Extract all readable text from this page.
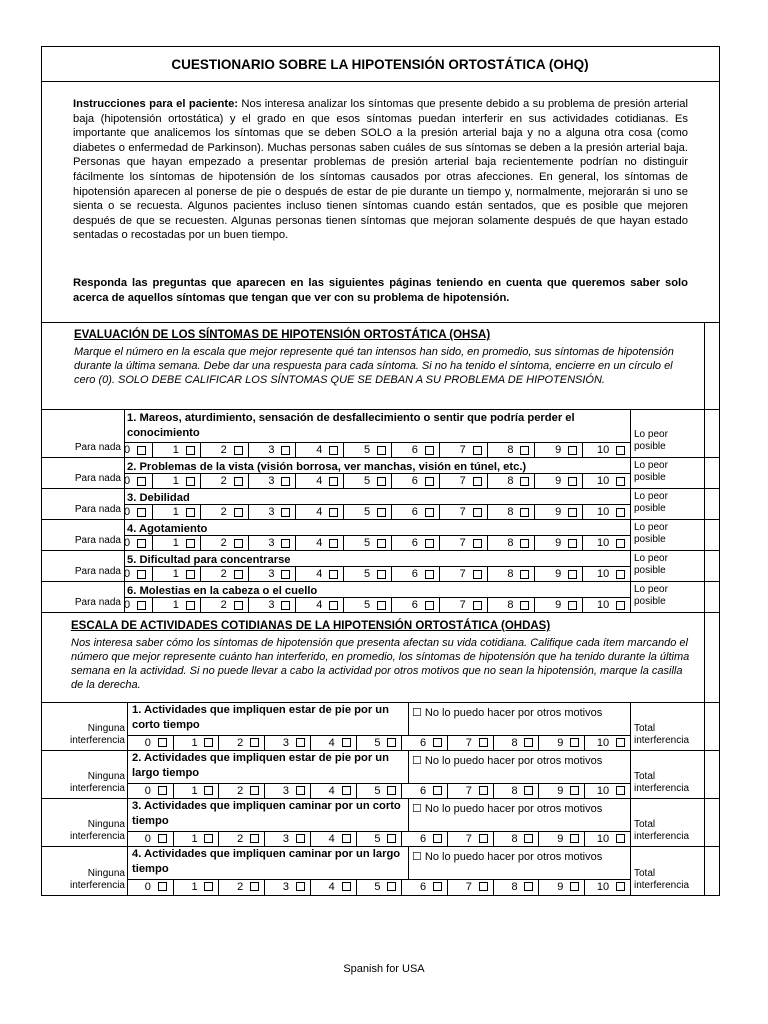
CUESTIONARIO SOBRE LA HIPOTENSIÓN ORTOSTÁTICA (OHQ)
Instrucciones para el paciente: Nos interesa analizar los síntomas que presente debido a su problema de presión arterial baja (hipotensión ortostática) y el grado en que esos síntomas puedan interferir en sus actividades cotidianas. Es importante que analicemos los síntomas que se deben SOLO a la presión arterial baja y no a alguna otra cosa (como diabetes o enfermedad de Parkinson). Muchas personas saben cuáles de sus síntomas se deben a la presión arterial baja. Personas que hayan empezado a presentar problemas de presión arterial baja recientemente podrían no distinguir fácilmente los síntomas de hipotensión de los síntomas causados por otras afecciones. En general, los síntomas de hipotensión aparecen al ponerse de pie o después de estar de pie durante un tiempo y, normalmente, mejorarán si uno se sienta o se recuesta. Algunos pacientes incluso tienen síntomas cuando están sentados, que es posible que mejoren después de que se recuesten. Algunas personas tienen síntomas que mejoran solamente después de que hayan estado sentadas o recostadas por un buen tiempo.
Responda las preguntas que aparecen en las siguientes páginas teniendo en cuenta que queremos saber solo acerca de aquellos síntomas que tengan que ver con su problema de hipotensión.
EVALUACIÓN DE LOS SÍNTOMAS DE HIPOTENSIÓN ORTOSTÁTICA (OHSA)
Marque el número en la escala que mejor represente qué tan intensos han sido, en promedio, sus síntomas de hipotensión durante la última semana. Debe dar una respuesta para cada síntoma. Si no ha tenido el síntoma, encierre en un círculo el cero (0). SOLO DEBE CALIFICAR LOS SÍNTOMAS QUE SE DEBAN A SU PROBLEMA DE HIPOTENSIÓN.
1. Mareos, aturdimiento, sensación de desfallecimiento o sentir que podría perder el conocimiento
0	1	2	3	4	5	6	7	8	9	10
Para nada
Lo peor posible
2. Problemas de la vista (visión borrosa, ver manchas, visión en túnel, etc.)
0	1	2	3	4	5	6	7	8	9	10
Para nada
Lo peor posible
3. Debilidad
0	1	2	3	4	5	6	7	8	9	10
Para nada
Lo peor posible
4. Agotamiento
0	1	2	3	4	5	6	7	8	9	10
Para nada
Lo peor posible
5. Dificultad para concentrarse
0	1	2	3	4	5	6	7	8	9	10
Para nada
Lo peor posible
6. Molestias en la cabeza o el cuello
0	1	2	3	4	5	6	7	8	9	10
Para nada
Lo peor posible
ESCALA DE ACTIVIDADES COTIDIANAS DE LA HIPOTENSIÓN ORTOSTÁTICA (OHDAS)
Nos interesa saber cómo los síntomas de hipotensión que presenta afectan su vida cotidiana. Califique cada ítem marcando el número que mejor represente cuánto han interferido, en promedio, los síntomas de hipotensión que ha tenido durante la última semana en la actividad. Si no puede llevar a cabo la actividad por otros motivos que no sean la hipotensión, marque la casilla de la derecha.
1. Actividades que impliquen estar de pie por un corto tiempo
☐ No lo puedo hacer por otros motivos
0	1	2	3	4	5	6	7	8	9	10
Ninguna interferencia
Total interferencia
2. Actividades que impliquen estar de pie por un largo tiempo
☐ No lo puedo hacer por otros motivos
0	1	2	3	4	5	6	7	8	9	10
Ninguna interferencia
Total interferencia
3. Actividades que impliquen caminar por un corto tiempo
☐ No lo puedo hacer por otros motivos
0	1	2	3	4	5	6	7	8	9	10
Ninguna interferencia
Total interferencia
4. Actividades que impliquen caminar por un largo tiempo
☐ No lo puedo hacer por otros motivos
0	1	2	3	4	5	6	7	8	9	10
Ninguna interferencia
Total interferencia
Spanish for USA
